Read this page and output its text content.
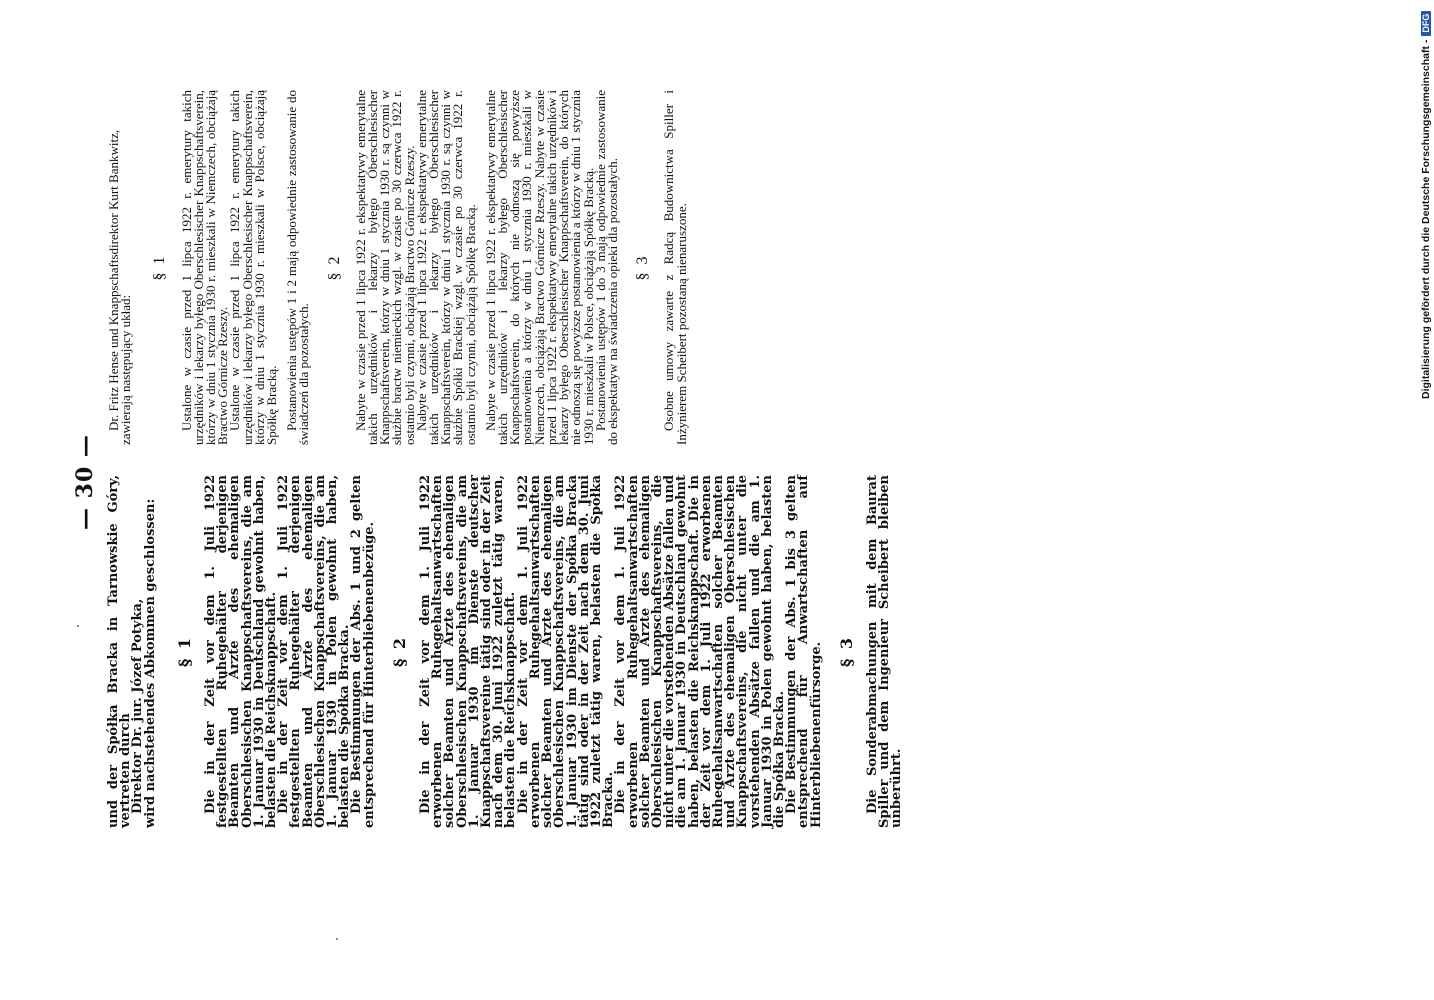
— 30 — und der Spółka Bracka in Tarnowskie Góry, vertreten durch

Direktor Dr. jur. Józef Potyka,

wird nachstehendes Abkommen geschlossen: § 1 Die in der Zeit vor dem 1. Juli 1922 festgestellten Ruhegehälter derjenigen Beamten und Ärzte des ehemaligen Oberschlesischen Knappschaftsvereins, die am 1. Januar 1930 in Deutschland gewohnt haben, belasten die Reichsknappschaft.

Die in der Zeit vor dem 1. Juli 1922 festgestellten Ruhegehälter derjenigen Beamten und Ärzte des ehemaligen Oberschlesischen Knappschaftsvereins, die am 1. Januar 1930 in Polen gewohnt haben, belasten die Spółka Bracka.

Die Bestimmungen der Abs. 1 und 2 gelten entsprechend für Hinterbliebenenbezüge. § 2 Die in der Zeit vor dem 1. Juli 1922 erworbenen Ruhegehaltsanwartschaften solcher Beamten und Ärzte des ehemaligen Oberschlesischen Knappschaftsvereins, die am 1. Januar 1930 im Dienste deutscher Knappschaftsvereine tätig sind oder in der Zeit nach dem 30. Juni 1922 zuletzt tätig waren, belasten die Reichsknappschaft.

Die in der Zeit vor dem 1. Juli 1922 erworbenen Ruhegehaltsanwartschaften solcher Beamten und Ärzte des ehemaligen Oberschlesischen Knappschaftsvereins, die am 1. Januar 1930 im Dienste der Spółka Bracka tätig sind oder in der Zeit nach dem 30. Juni 1922 zuletzt tätig waren, belasten die Spółka Bracka.

Die in der Zeit vor dem 1. Juli 1922 erworbenen Ruhegehaltsanwartschaften solcher Beamten und Ärzte des ehemaligen Oberschlesischen Knappschaftsvereins, die nicht unter die vorstehenden Absätze fallen und die am 1. Januar 1930 in Deutschland gewohnt haben, belasten die Reichsknappschaft. Die in der Zeit vor dem 1. Juli 1922 erworbenen Ruhegehaltsanwartschaften solcher Beamten und Ärzte des ehemaligen Oberschlesischen Knappschaftsvereins, die nicht unter die vorstehenden Absätze fallen und die am 1. Januar 1930 in Polen gewohnt haben, belasten die Spółka Bracka.

Die Bestimmungen der Abs. 1 bis 3 gelten entsprechend für Anwartschaften auf Hinterbliebenenfürsorge. § 3 Die Sonderabmachungen mit dem Baurat Spiller und dem Ingenieur Scheibert bleiben unberührt.

Dr. Fritz Hense und Knappschaftsdirektor Kurt Bankwitz,

zawierają następujący układ:

§ 1 Ustalone w czasie przed 1 lipca 1922 r. emerytury takich urzędników i lekarzy byłego Oberschlesischer Knappschaftsverein, którzy w dniu 1 stycznia 1930 r. mieszkali w Niemczech, obciążają Bractwo Górnicze Rzeszy.

Ustalone w czasie przed 1 lipca 1922 r. emerytury takich urzędników i lekarzy byłego Oberschlesischer Knappschaftsverein, którzy w dniu 1 stycznia 1930 r. mieszkali w Polsce, obciążają Spółkę Bracką. Postanowienia ustępów 1 i 2 mają odpowiednie zastosowanie do świadczeń dla pozostałych.

§ 2 Nabyte w czasie przed 1 lipca 1922 r. ekspektatywy emerytalne takich urzędników i lekarzy byłego Oberschlesischer Knappschaftsverein, którzy w dniu 1 stycznia 1930 r. są czynni w służbie bractw niemieckich wzgl. w czasie po 30 czerwca 1922 r. ostatnio byli czynni, obciążają Bractwo Górnicze Rzeszy.

Nabyte w czasie przed 1 lipca 1922 r. ekspektatywy emerytalne takich urzędników i lekarzy byłego Oberschlesischer Knappschaftsverein, którzy w dniu 1 stycznia 1930 r. są czynni w służbie Spółki Brackiej wzgl. w czasie po 30 czerwca 1922 r. ostatnio byli czynni, obciążają Spółkę Bracką. Nabyte w czasie przed 1 lipca 1922 r. ekspektatywy emerytalne takich urzędników i lekarzy byłego Oberschlesischer Knappschaftsverein, do których nie odnoszą się powyższe postanowienia a którzy w dniu 1 stycznia 1930 r. mieszkali w Niemczech, obciążają Bractwo Górnicze Rzeszy. Nabyte w czasie przed 1 lipca 1922 r. ekspektatywy emerytalne takich urzędników i lekarzy byłego Oberschlesischer Knappschaftsverein, do których nie odnoszą się powyższe postanowienia a którzy w dniu 1 stycznia 1930 r. mieszkali w Polsce, obciążają Spółkę Bracką.

Postanowienia ustępów 1 do 3 mają odpowiednie zastosowanie do ekspektatyw na świadczenia opieki dla pozostałych. § 3 Osobne umowy zawarte z Radcą Budownictwa Spiller i Inżynierem Scheibert pozostaną nienaruszone.	Digitalisierung gefördert durch die Deutsche Forschungsgemeinschaft -
DFG
